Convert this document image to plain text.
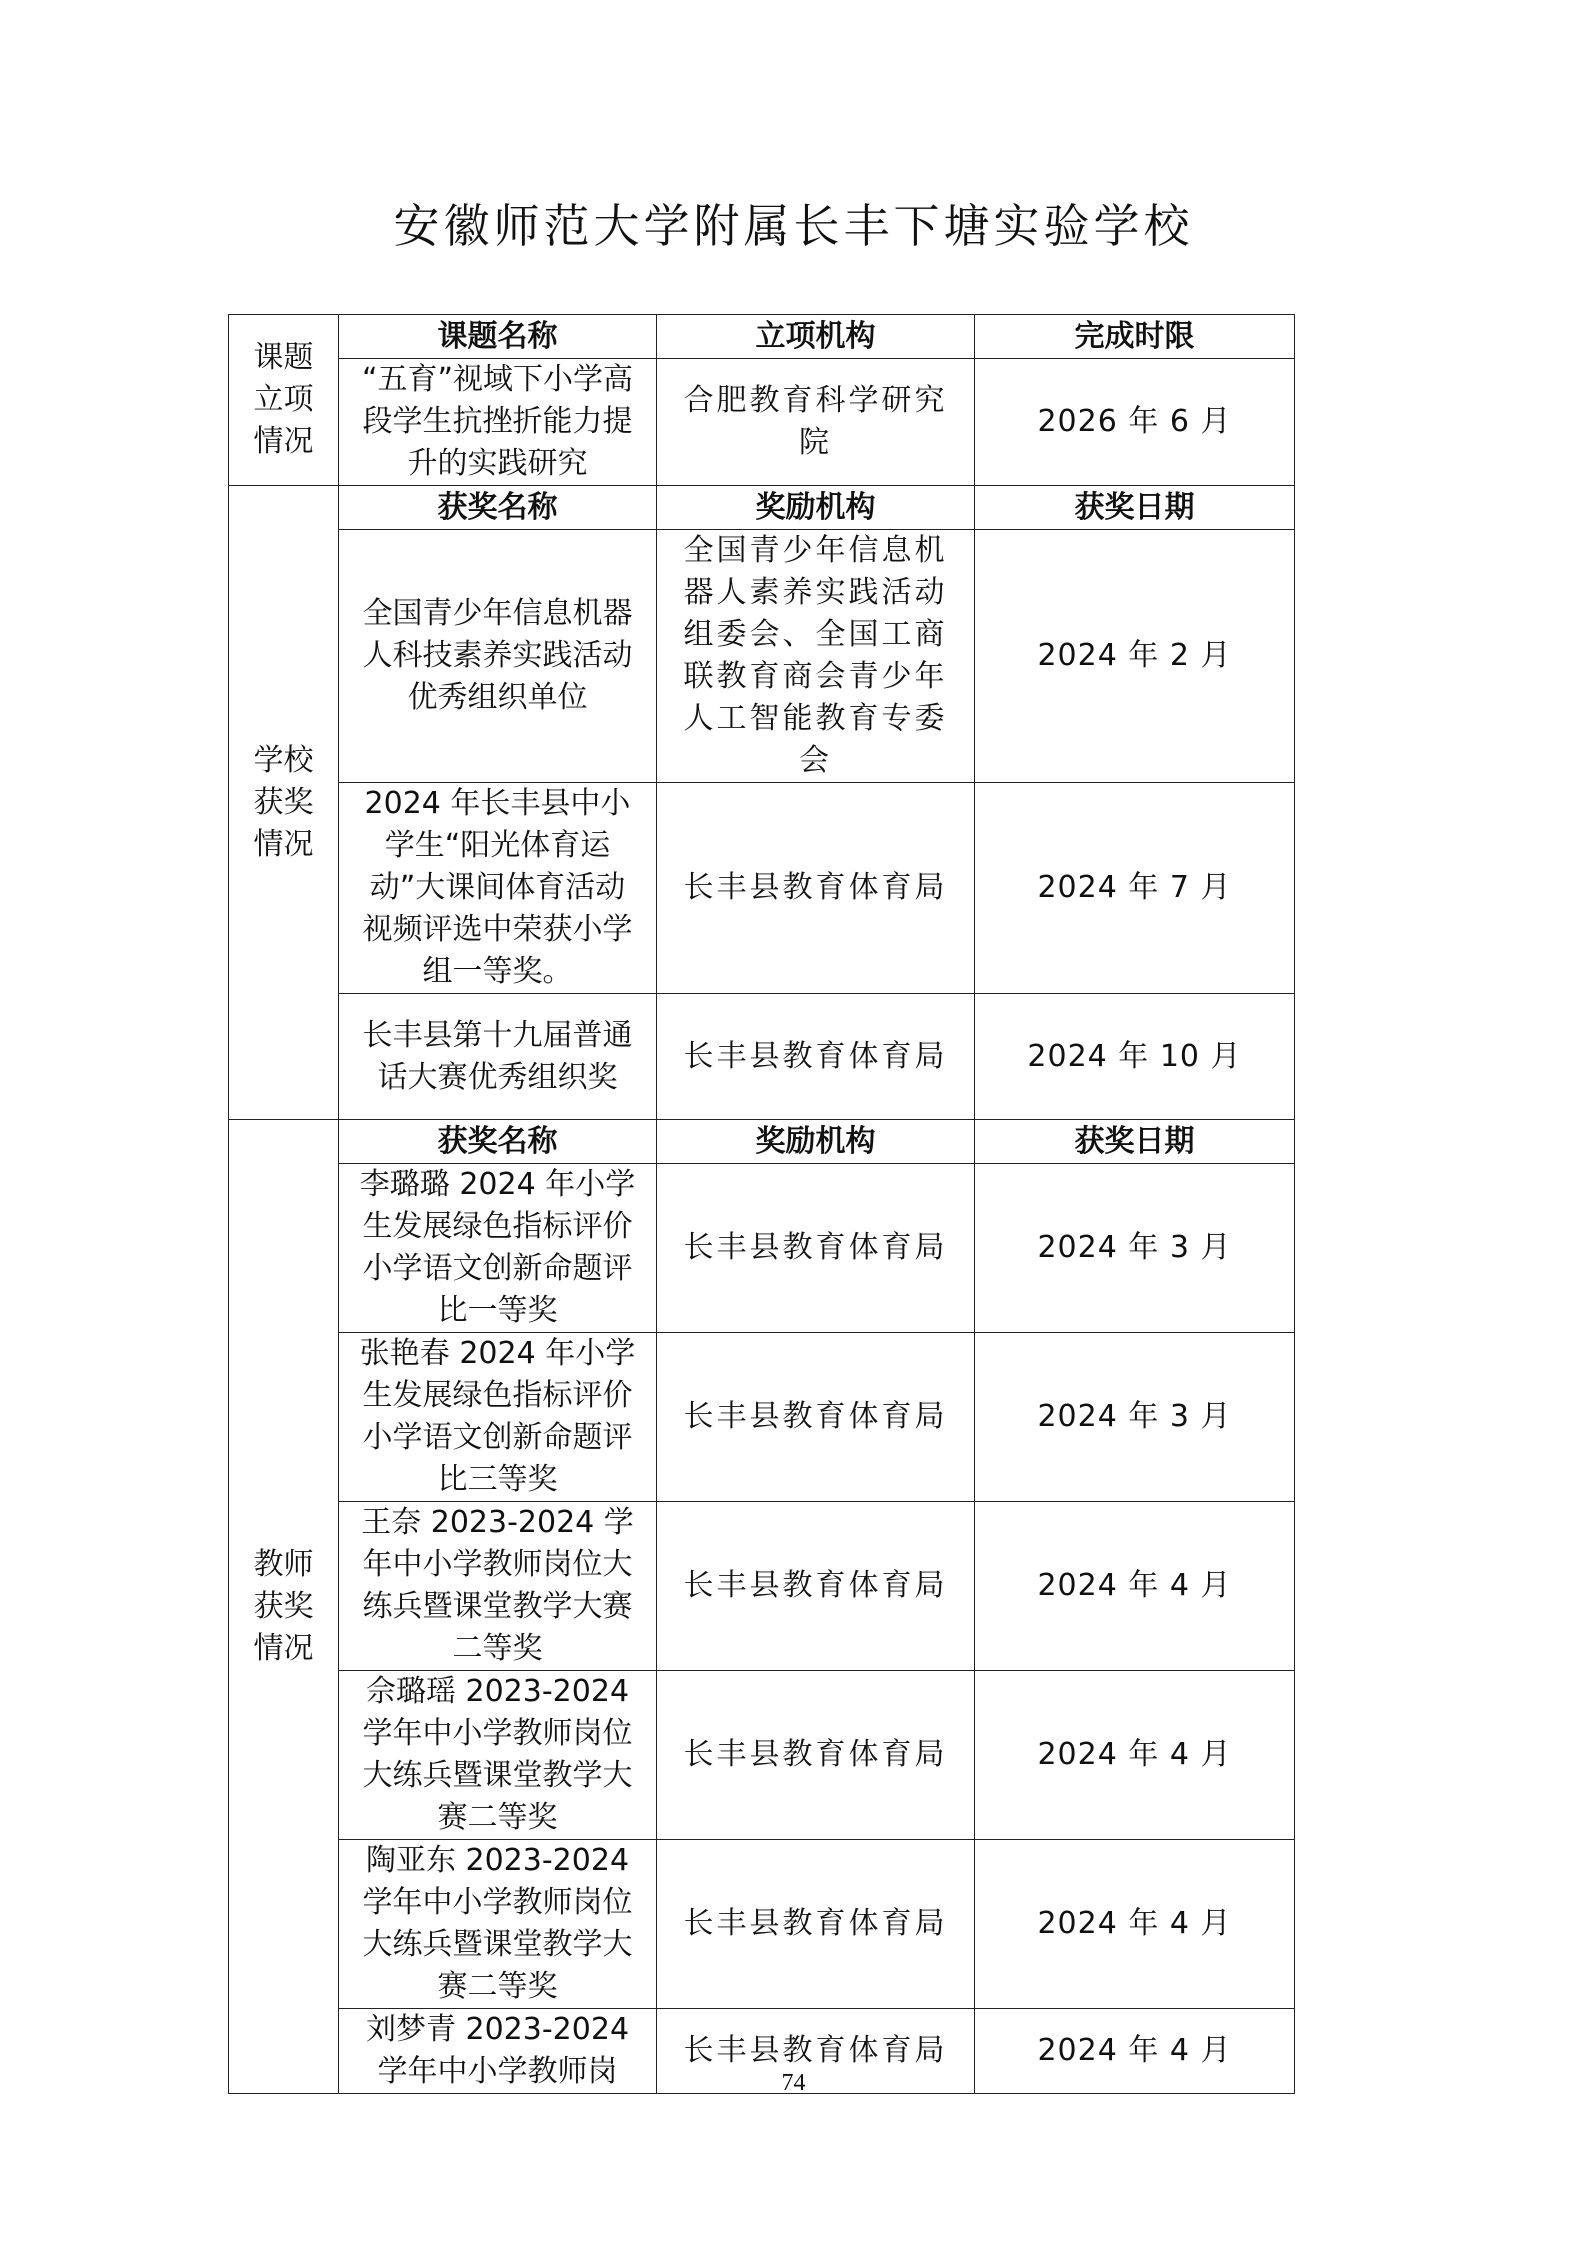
安徽师范大学附属长丰下塘实验学校
课题立项情况	课题名称	立项机构	完成时限
	“五育”视域下小学高段学生抗挫折能力提升的实践研究	合肥教育科学研究院	2026 年 6 月
学校获奖情况	获奖名称	奖励机构	获奖日期
	全国青少年信息机器人科技素养实践活动优秀组织单位	全国青少年信息机器人素养实践活动组委会、全国工商联教育商会青少年人工智能教育专委会	2024 年 2 月
	2024 年长丰县中小学生“阳光体育运动”大课间体育活动视频评选中荣获小学组一等奖。	长丰县教育体育局	2024 年 7 月
	长丰县第十九届普通话大赛优秀组织奖	长丰县教育体育局	2024 年 10 月
教师获奖情况	获奖名称	奖励机构	获奖日期
	李璐璐 2024 年小学生发展绿色指标评价小学语文创新命题评比一等奖	长丰县教育体育局	2024 年 3 月
	张艳春 2024 年小学生发展绿色指标评价小学语文创新命题评比三等奖	长丰县教育体育局	2024 年 3 月
	王奈 2023-2024 学年中小学教师岗位大练兵暨课堂教学大赛二等奖	长丰县教育体育局	2024 年 4 月
	佘璐瑶 2023-2024 学年中小学教师岗位大练兵暨课堂教学大赛二等奖	长丰县教育体育局	2024 年 4 月
	陶亚东 2023-2024 学年中小学教师岗位大练兵暨课堂教学大赛二等奖	长丰县教育体育局	2024 年 4 月
	刘梦青 2023-2024 学年中小学教师岗	长丰县教育体育局	2024 年 4 月
74
